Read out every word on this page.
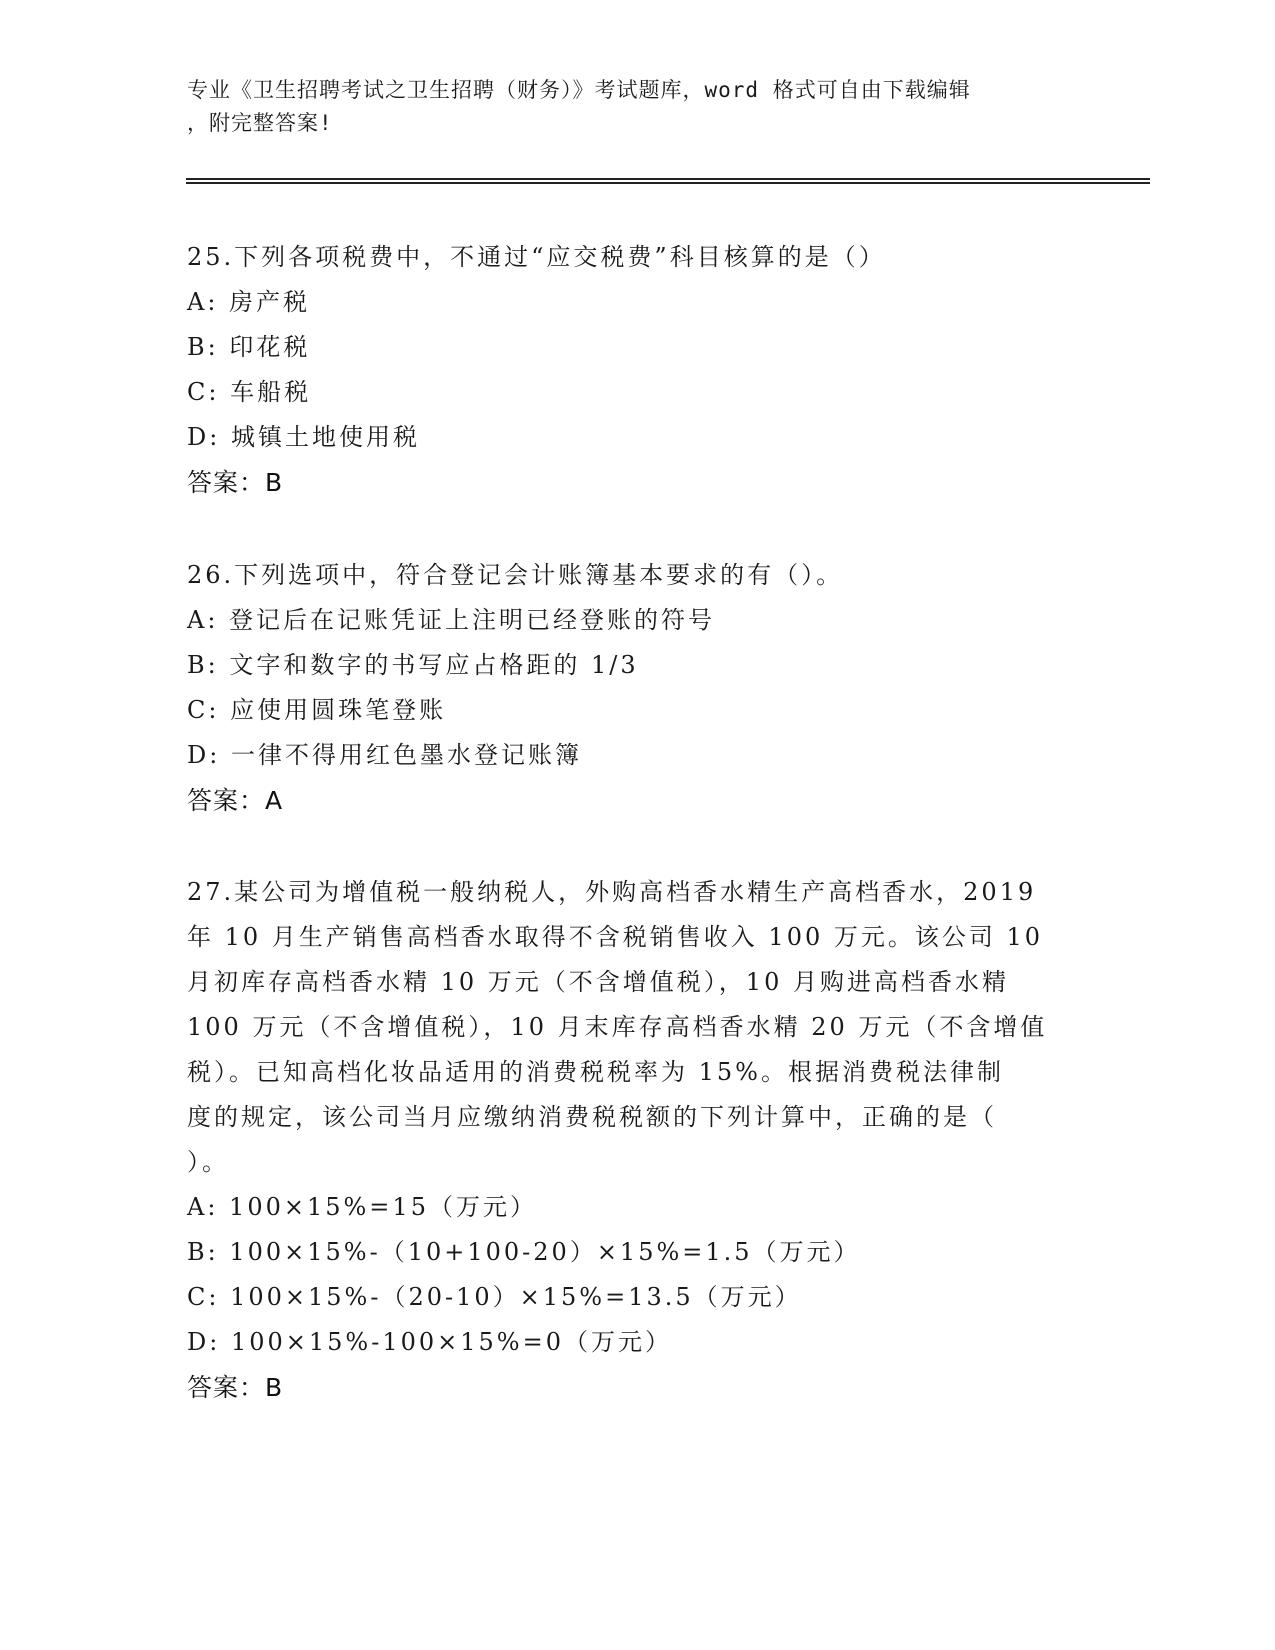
专业《卫生招聘考试之卫生招聘（财务）》考试题库，word 格式可自由下载编辑
，附完整答案!
25.下列各项税费中，不通过“应交税费”科目核算的是（）
A: 房产税
B: 印花税
C: 车船税
D: 城镇土地使用税
答案：B
26.下列选项中，符合登记会计账簿基本要求的有（）。
A: 登记后在记账凭证上注明已经登账的符号
B: 文字和数字的书写应占格距的 1/3
C: 应使用圆珠笔登账
D: 一律不得用红色墨水登记账簿
答案：A
27.某公司为增值税一般纳税人，外购高档香水精生产高档香水，2019
年 10 月生产销售高档香水取得不含税销售收入 100 万元。该公司 10
月初库存高档香水精 10 万元（不含增值税），10 月购进高档香水精
100 万元（不含增值税），10 月末库存高档香水精 20 万元（不含增值
税）。已知高档化妆品适用的消费税税率为 15%。根据消费税法律制
度的规定，该公司当月应缴纳消费税税额的下列计算中，正确的是（
）。
A: 100×15%=15（万元）
B: 100×15%-（10+100-20）×15%=1.5（万元）
C: 100×15%-（20-10）×15%=13.5（万元）
D: 100×15%-100×15%=0（万元）
答案：B
